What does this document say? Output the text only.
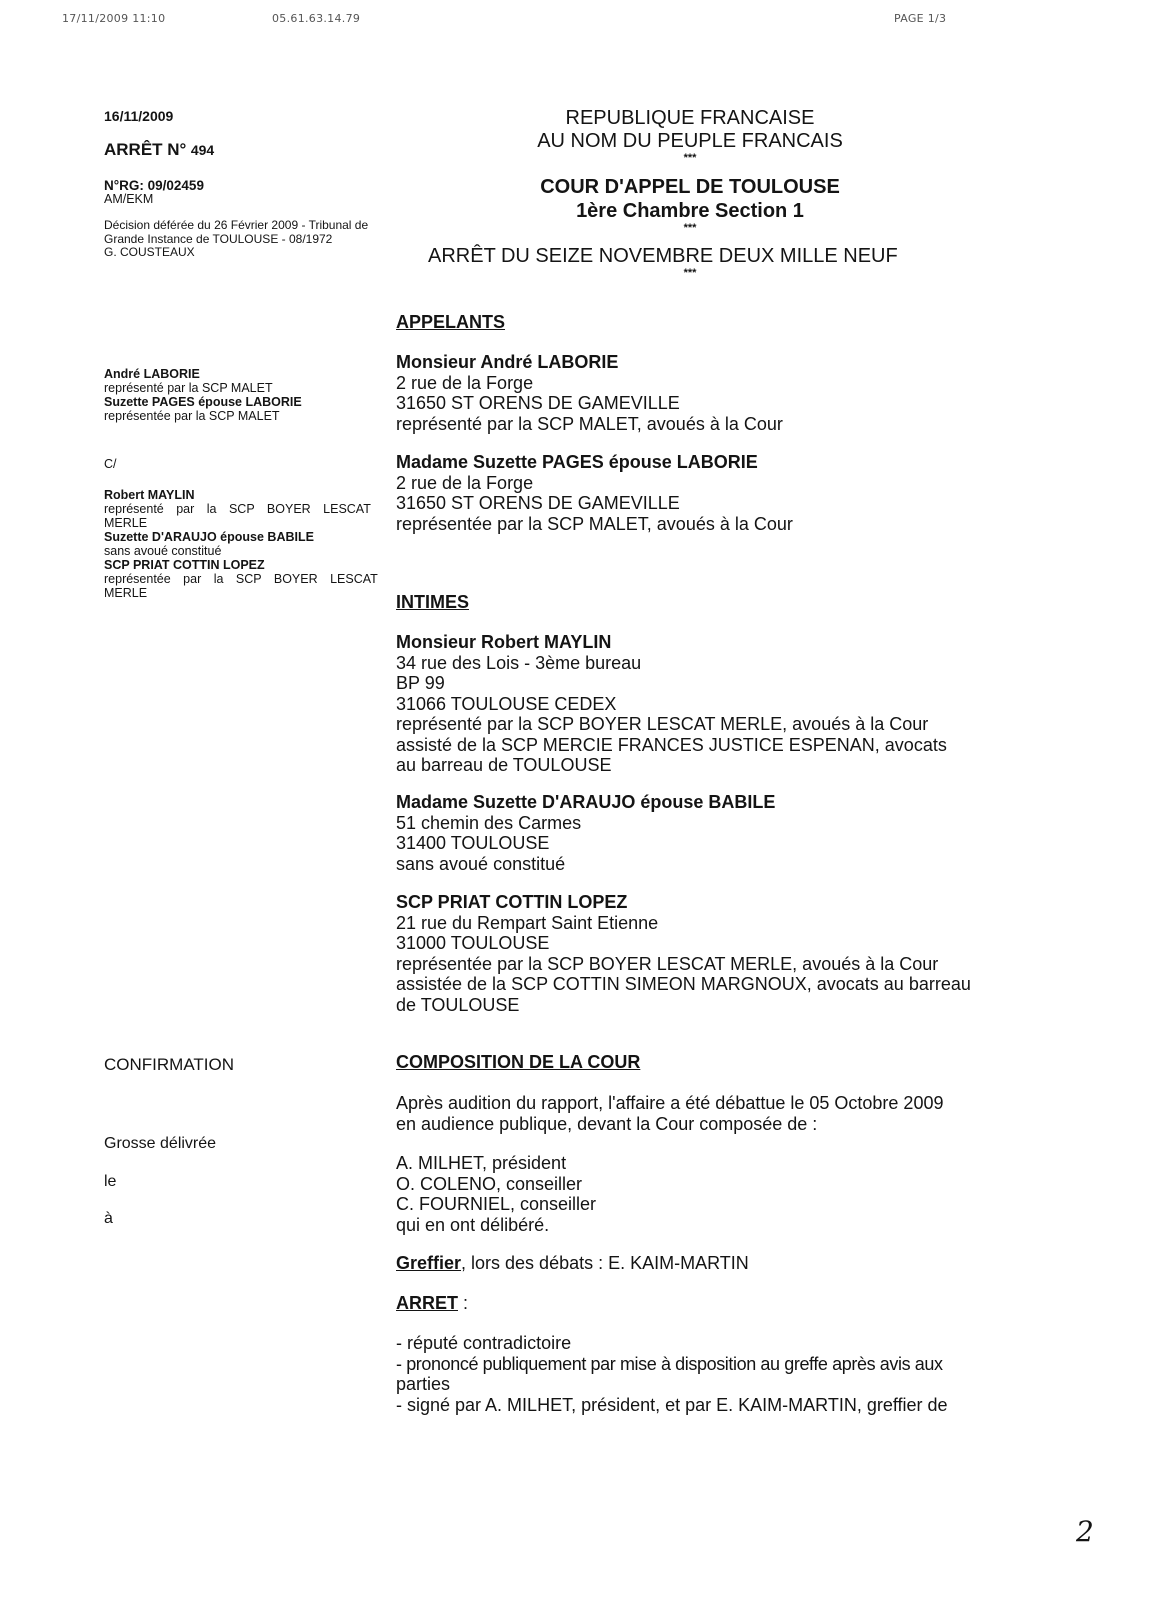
17/11/2009 11:10	05.61.63.14.79	PAGE 1/3
16/11/2009
ARRÊT N° 494
N°RG: 09/02459
AM/EKM
Décision déférée du 26 Février 2009 - Tribunal de
Grande Instance de TOULOUSE - 08/1972
G. COUSTEAUX
REPUBLIQUE FRANCAISE
AU NOM DU PEUPLE FRANCAIS
***
COUR D'APPEL DE TOULOUSE
1ère Chambre Section 1
***
ARRÊT DU SEIZE NOVEMBRE DEUX MILLE NEUF
***
André LABORIE
représenté par la SCP MALET
Suzette PAGES épouse LABORIE
représentée par la SCP MALET
C/
Robert MAYLIN
représenté par la SCP BOYER LESCAT
MERLE
Suzette D'ARAUJO épouse BABILE
sans avoué constitué
SCP PRIAT COTTIN LOPEZ
représentée par la SCP BOYER LESCAT
MERLE
CONFIRMATION
Grosse délivrée
le
à
APPELANTS
Monsieur André LABORIE
2 rue de la Forge
31650 ST ORENS DE GAMEVILLE
représenté par la SCP MALET, avoués à la Cour
Madame Suzette PAGES épouse LABORIE
2 rue de la Forge
31650 ST ORENS DE GAMEVILLE
représentée par la SCP MALET, avoués à la Cour
INTIMES
Monsieur Robert MAYLIN
34 rue des Lois - 3ème bureau
BP 99
31066 TOULOUSE CEDEX
représenté par la SCP BOYER LESCAT MERLE, avoués à la Cour
assisté de la SCP MERCIE FRANCES JUSTICE ESPENAN, avocats
au barreau de TOULOUSE
Madame Suzette D'ARAUJO épouse BABILE
51 chemin des Carmes
31400 TOULOUSE
sans avoué constitué
SCP PRIAT COTTIN LOPEZ
21 rue du Rempart Saint Etienne
31000 TOULOUSE
représentée par la SCP BOYER LESCAT MERLE, avoués à la Cour
assistée de la SCP COTTIN SIMEON MARGNOUX, avocats au barreau
de TOULOUSE
COMPOSITION DE LA COUR
Après audition du rapport, l'affaire a été débattue le 05 Octobre 2009
en audience publique, devant la Cour composée de :
A. MILHET, président
O. COLENO, conseiller
C. FOURNIEL, conseiller
qui en ont délibéré.
Greffier, lors des débats : E. KAIM-MARTIN
ARRET :
- réputé contradictoire
- prononcé publiquement par mise à disposition au greffe après avis aux
parties
- signé par A. MILHET, président, et par E. KAIM-MARTIN, greffier de
2
